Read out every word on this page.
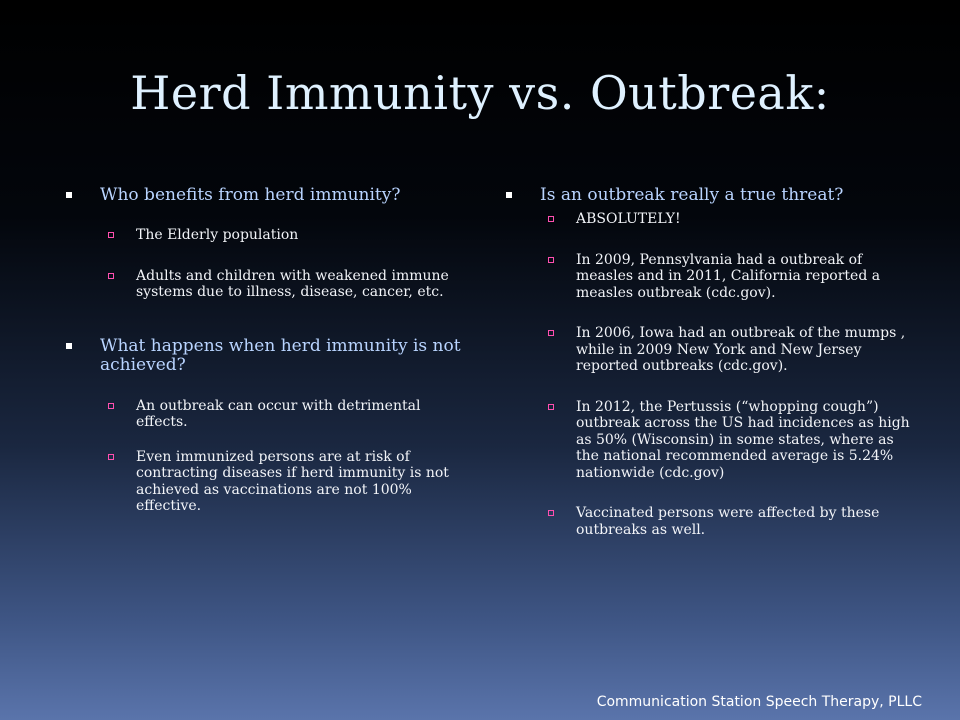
Herd Immunity vs. Outbreak:
Who benefits from herd immunity?
The Elderly population
Adults and children with weakened immune systems due to illness, disease, cancer, etc.
What happens when herd immunity is not achieved?
An outbreak can occur with detrimental effects.
Even immunized persons are at risk of contracting diseases if herd immunity is not achieved as vaccinations are not 100% effective.
Is an outbreak really a true threat?
ABSOLUTELY!
In 2009, Pennsylvania had a outbreak of measles and in 2011, California reported a measles outbreak (cdc.gov).
In 2006, Iowa had an outbreak of the mumps , while in 2009 New York and New Jersey reported outbreaks (cdc.gov).
In 2012, the Pertussis (“whopping cough”) outbreak across the US had incidences as high as 50% (Wisconsin) in some states, where as the national recommended average is 5.24% nationwide (cdc.gov)
Vaccinated persons were affected by these outbreaks as well.
Communication Station Speech Therapy, PLLC
